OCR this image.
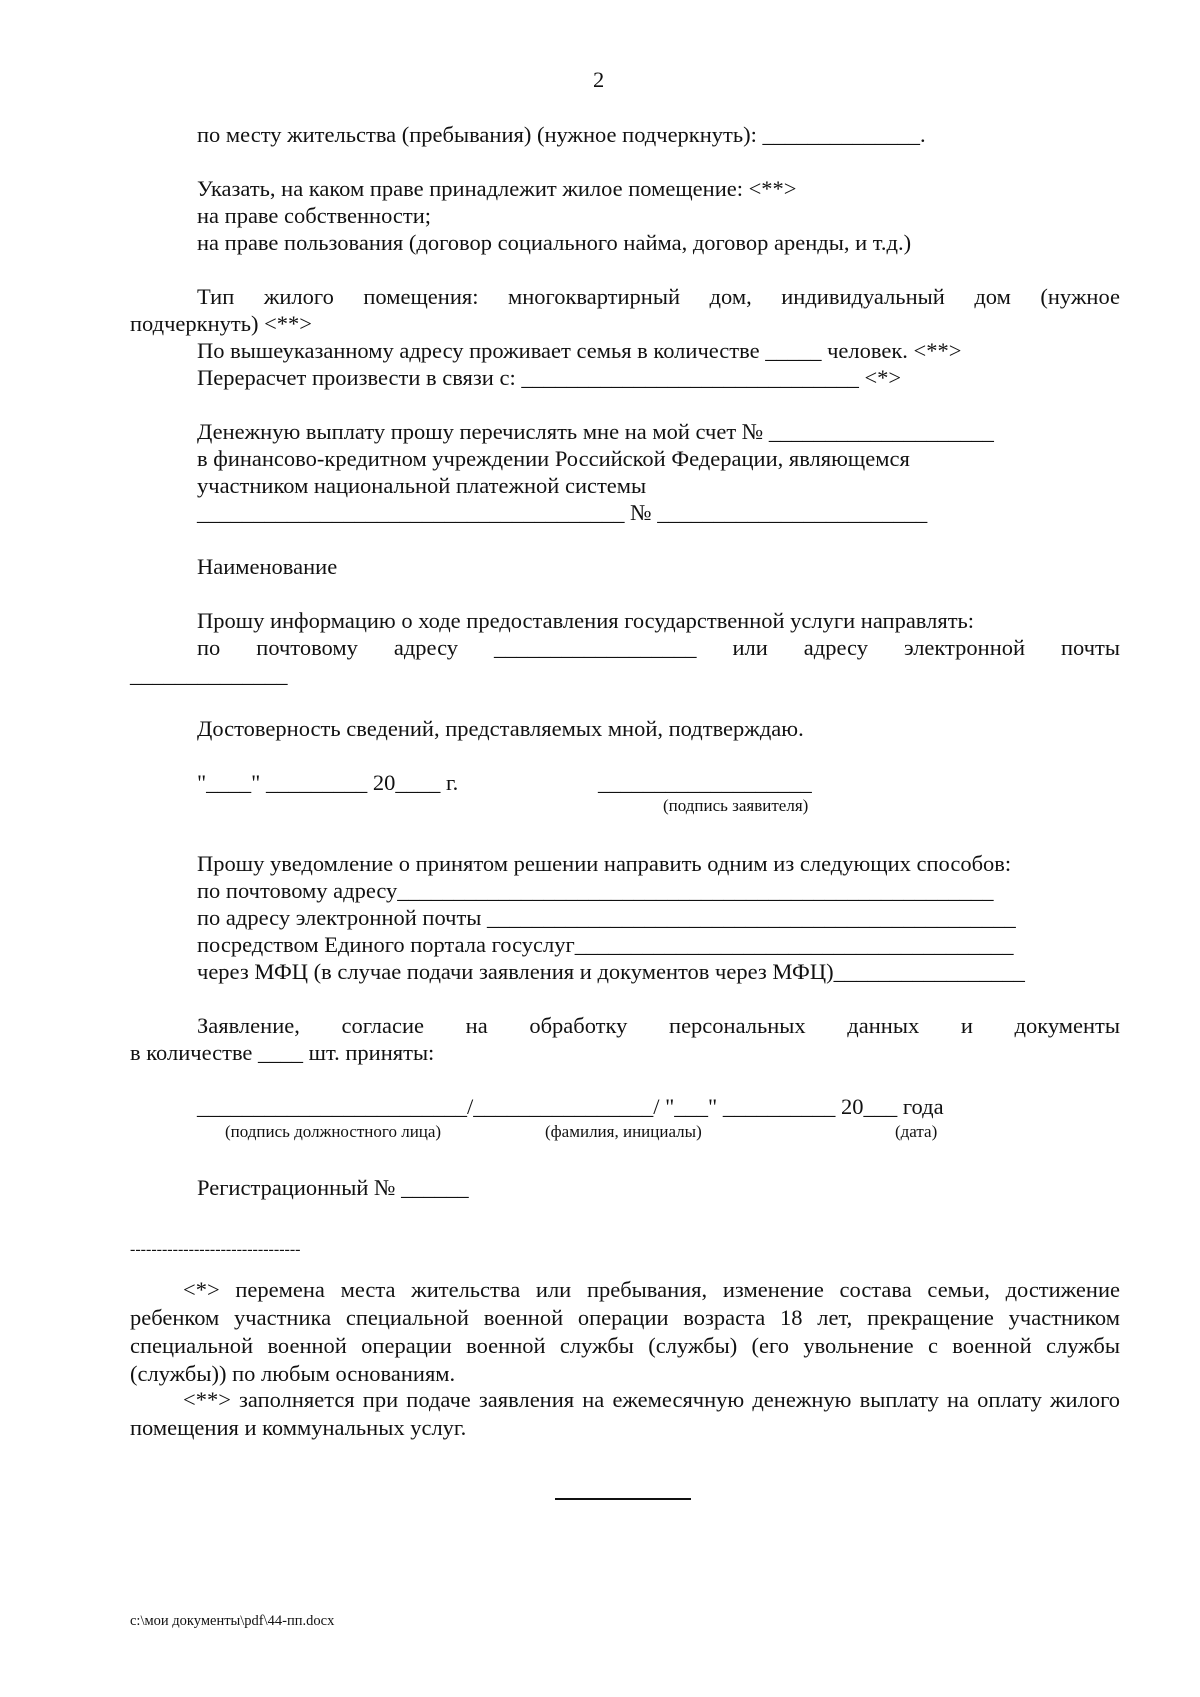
2
по месту жительства (пребывания) (нужное подчеркнуть): ______________.
Указать, на каком праве принадлежит жилое помещение: <**>
на праве собственности;
на праве пользования (договор социального найма, договор аренды, и т.д.)
Тип жилого помещения: многоквартирный дом, индивидуальный дом (нужное
подчеркнуть) <**>
По вышеуказанному адресу проживает семья в количестве _____ человек. <**>
Перерасчет произвести в связи с: ______________________________ <*>
Денежную выплату прошу перечислять мне на мой счет № ____________________
в финансово-кредитном учреждении Российской Федерации, являющемся
участником национальной платежной системы
______________________________________ № ________________________
Наименование
Прошу информацию о ходе предоставления государственной услуги направлять:
по почтовому адресу __________________ или адресу электронной почты
______________
Достоверность сведений, представляемых мной, подтверждаю.
"____" _________ 20____ г.	___________________
(подпись заявителя)
Прошу уведомление о принятом решении направить одним из следующих способов:
по почтовому адресу_____________________________________________________
по адресу электронной почты _______________________________________________
посредством Единого портала госуслуг_______________________________________
через МФЦ (в случае подачи заявления и документов через МФЦ)_________________
Заявление, согласие на обработку персональных данных и документы
в количестве ____ шт. приняты:
________________________/________________/ "___" __________ 20___ года
(подпись должностного лица)	(фамилия, инициалы)	(дата)
Регистрационный № ______
--------------------------------
<*> перемена места жительства или пребывания, изменение состава семьи, достижение ребенком участника специальной военной операции возраста 18 лет, прекращение участником специальной военной операции военной службы (службы) (его увольнение с военной службы (службы)) по любым основаниям.
<**> заполняется при подаче заявления на ежемесячную денежную выплату на оплату жилого помещения и коммунальных услуг.
c:\мои документы\pdf\44-пп.docx
